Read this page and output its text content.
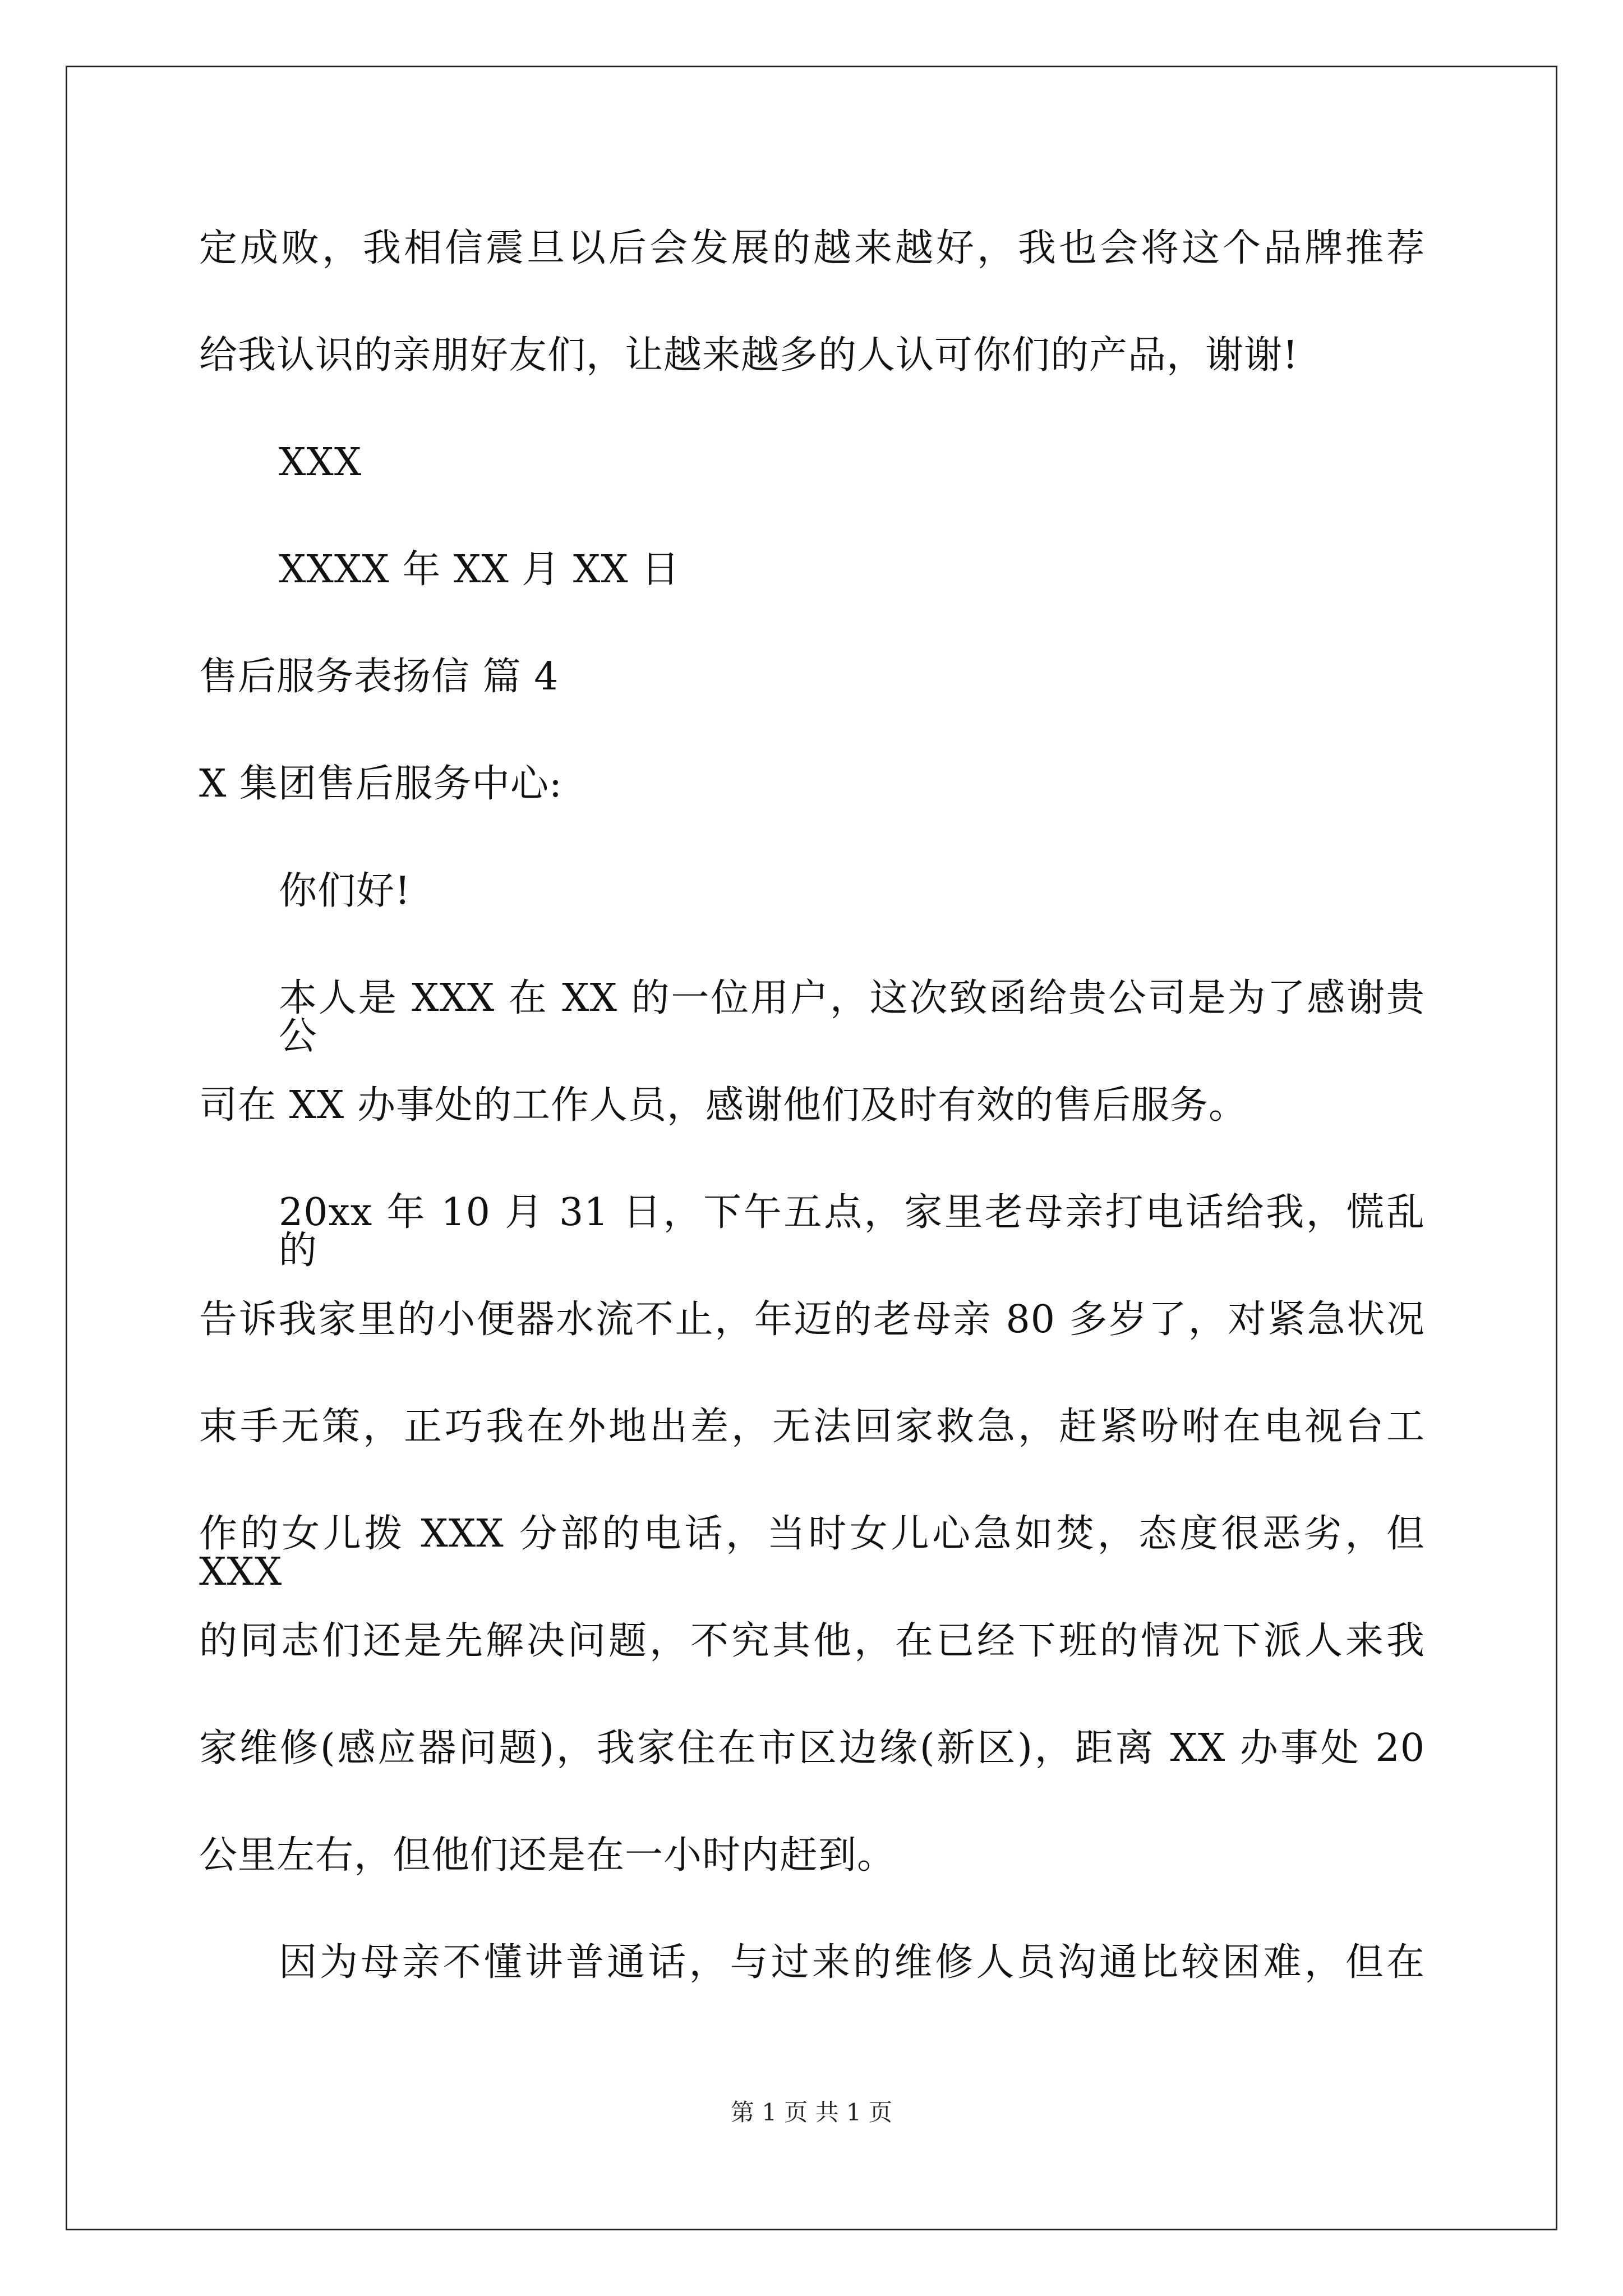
定成败，我相信震旦以后会发展的越来越好，我也会将这个品牌推荐
给我认识的亲朋好友们，让越来越多的人认可你们的产品，谢谢!
XXX
XXXX 年 XX 月 XX 日
售后服务表扬信 篇 4
X 集团售后服务中心:
你们好!
本人是 XXX 在 XX 的一位用户，这次致函给贵公司是为了感谢贵公
司在 XX 办事处的工作人员，感谢他们及时有效的售后服务。
20xx 年 10 月 31 日，下午五点，家里老母亲打电话给我，慌乱的
告诉我家里的小便器水流不止，年迈的老母亲 80 多岁了，对紧急状况
束手无策，正巧我在外地出差，无法回家救急，赶紧吩咐在电视台工
作的女儿拨 XXX 分部的电话，当时女儿心急如焚，态度很恶劣，但 XXX
的同志们还是先解决问题，不究其他，在已经下班的情况下派人来我
家维修(感应器问题)，我家住在市区边缘(新区)，距离 XX 办事处 20
公里左右，但他们还是在一小时内赶到。
因为母亲不懂讲普通话，与过来的维修人员沟通比较困难，但在
第 1 页 共 1 页
